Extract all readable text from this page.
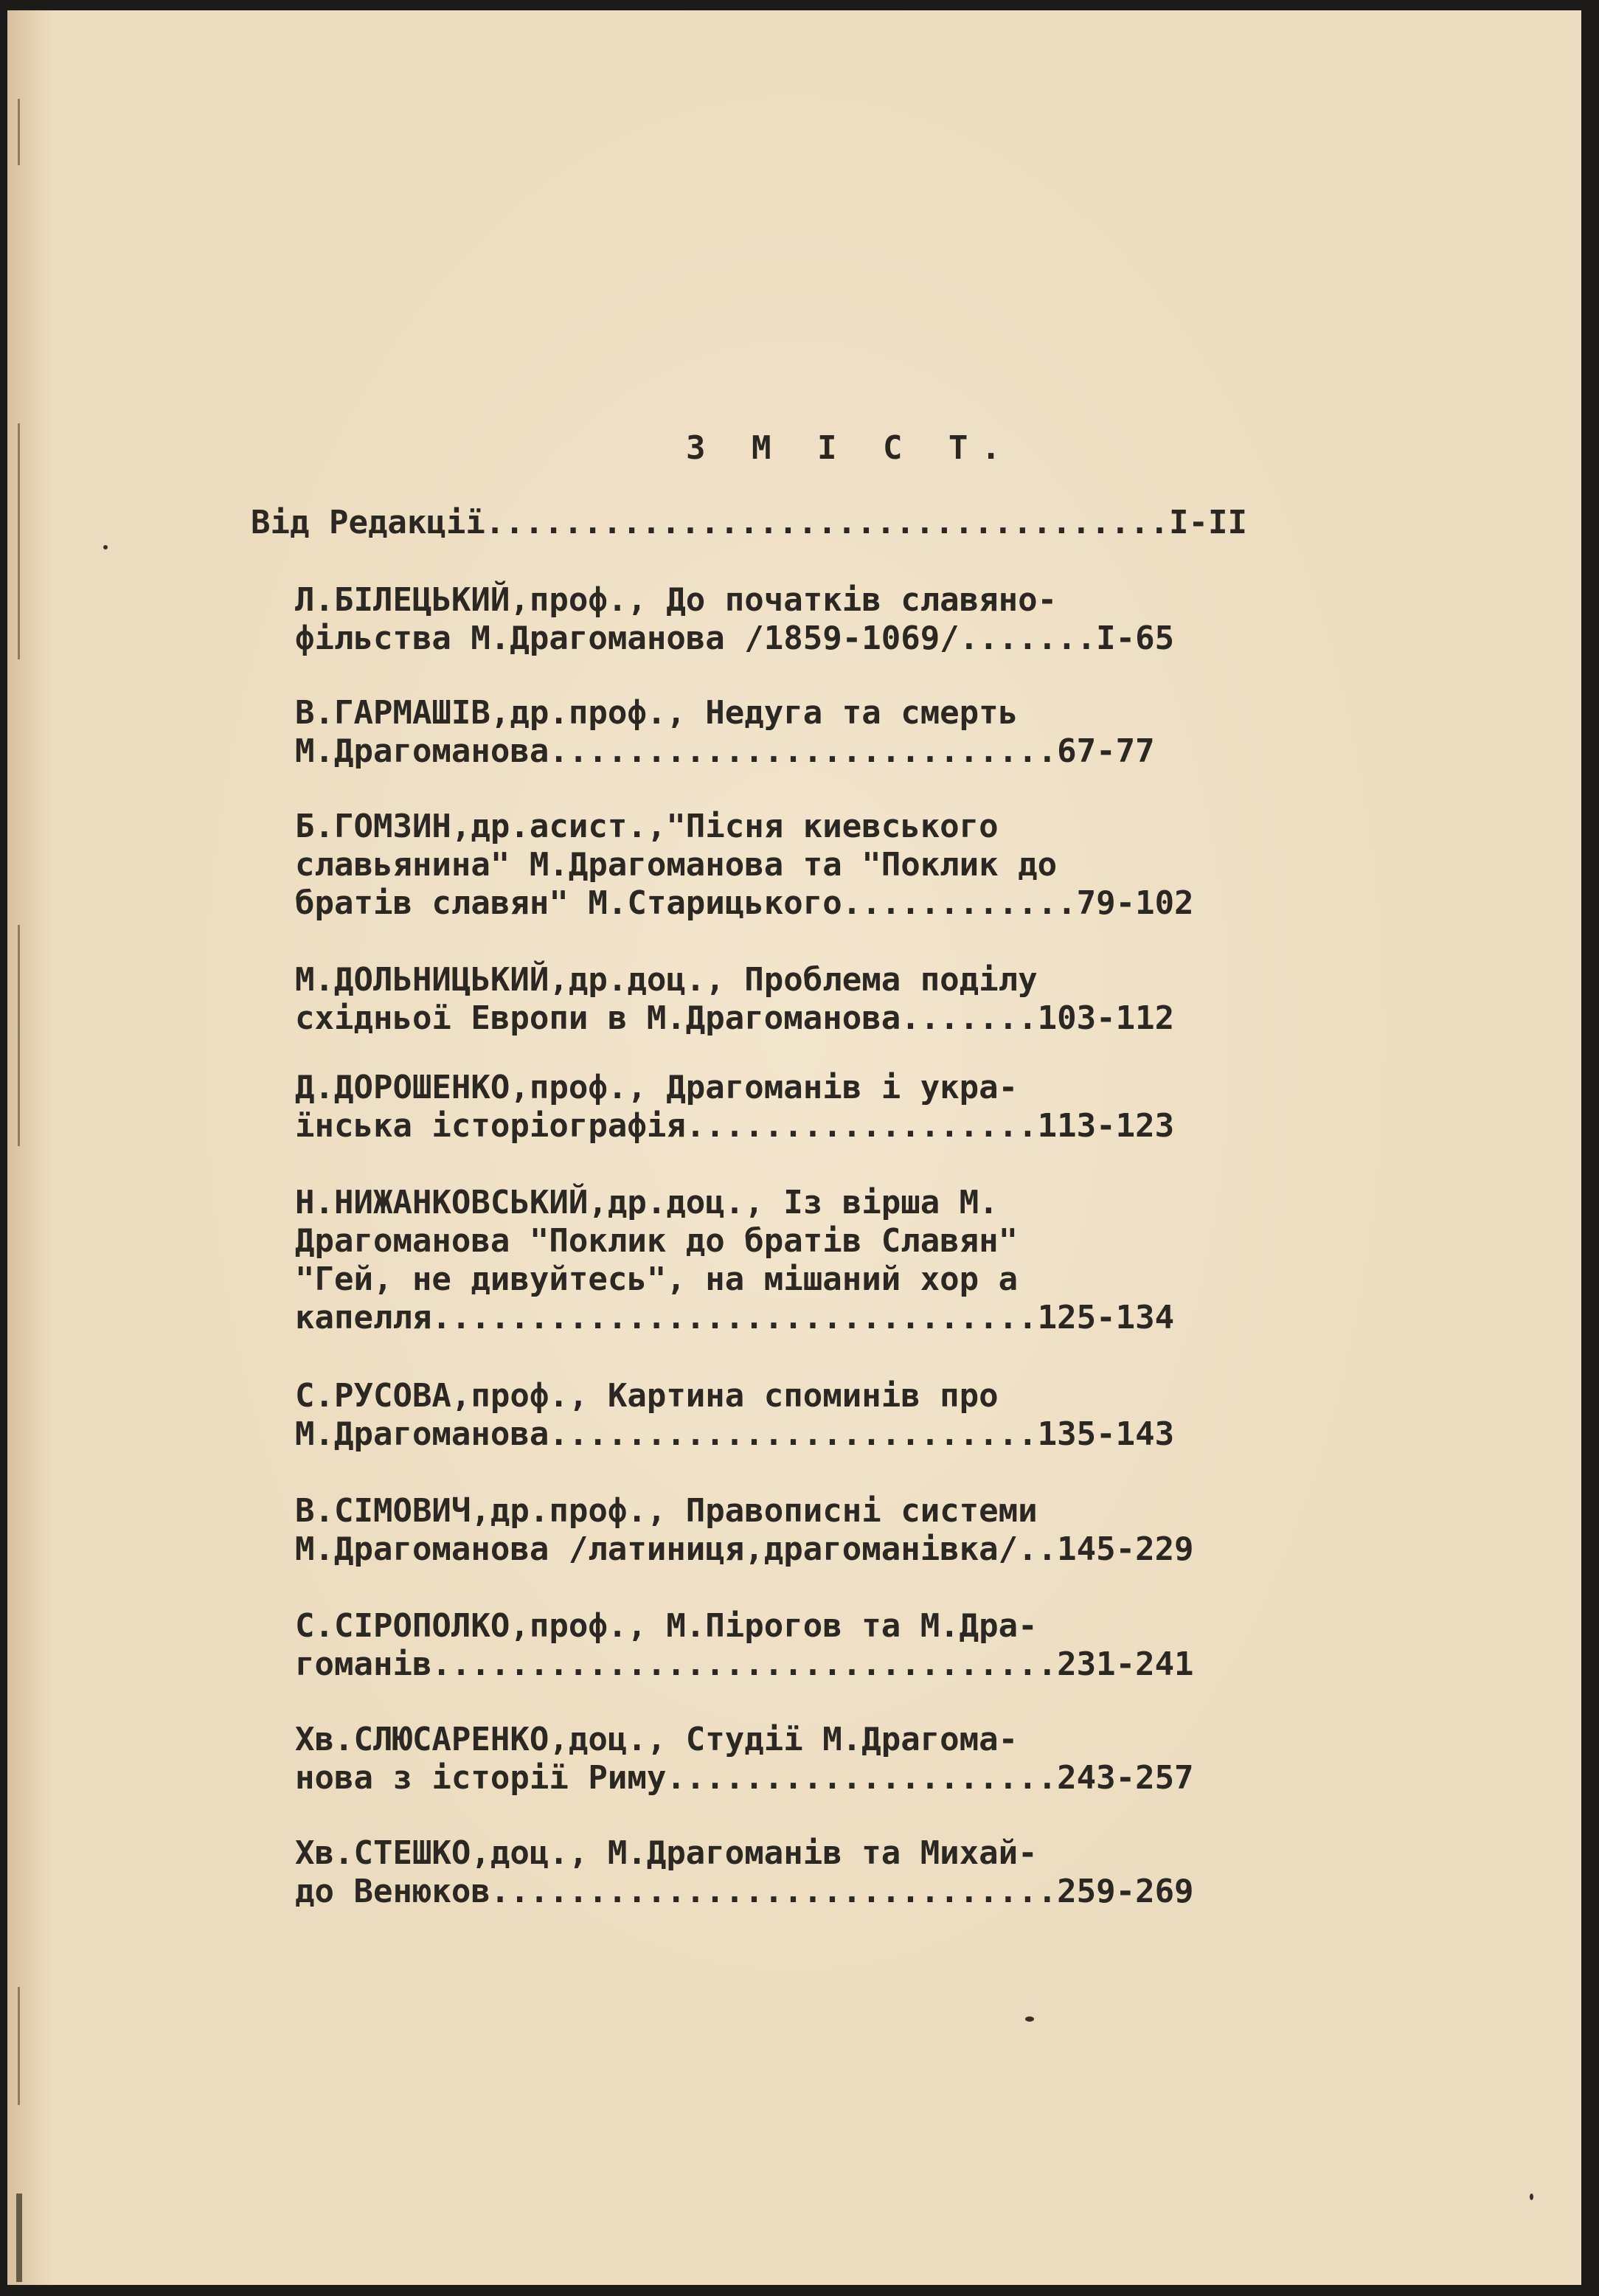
З М І С Т.
Від Редакції...................................І-ІІ
Л.БІЛЕЦЬКИЙ,проф., До початків славяно-
фільства М.Драгоманова /1859-1069/.......І-65
В.ГАРМАШІВ,др.проф., Недуга та смерть
М.Драгоманова..........................67-77
Б.ГОМЗИН,др.асист.,"Пісня киевського
славьянина" М.Драгоманова та "Поклик до
братів славян" М.Старицького............79-102
М.ДОЛЬНИЦЬКИЙ,др.доц., Проблема поділу
східньої Европи в М.Драгоманова.......103-112
Д.ДОРОШЕНКО,проф., Драгоманів і укра-
їнська історіографія..................113-123
Н.НИЖАНКОВСЬКИЙ,др.доц., Із вірша М.
Драгоманова "Поклик до братів Славян"
"Гей, не дивуйтесь", на мішаний хор а
капелля...............................125-134
С.РУСОВА,проф., Картина споминів про
М.Драгоманова.........................135-143
В.СІМОВИЧ,др.проф., Правописні системи
М.Драгоманова /латиниця,драгоманівка/..145-229
С.СІРОПОЛКО,проф., М.Пірогов та М.Дра-
гоманів................................231-241
Хв.СЛЮСАРЕНКО,доц., Студії М.Драгома-
нова з історії Риму....................243-257
Хв.СТЕШКО,доц., М.Драгоманів та Михай-
до Венюков.............................259-269
